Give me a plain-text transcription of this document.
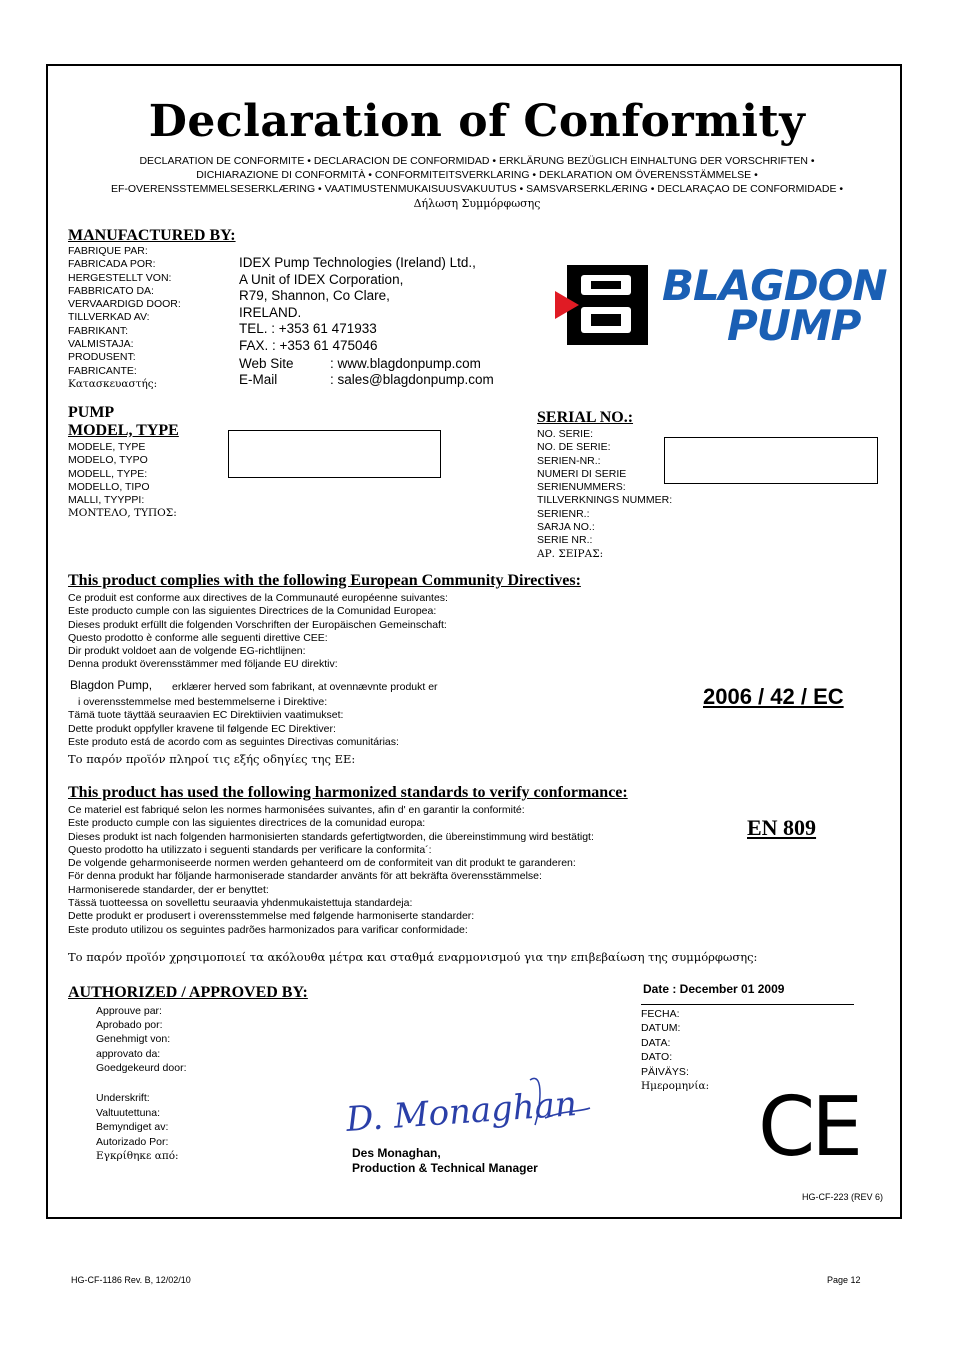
Declaration of Conformity
DECLARATION DE CONFORMITE • DECLARACION DE CONFORMIDAD • ERKLÄRUNG BEZÜGLICH EINHALTUNG DER VORSCHRIFTEN •
DICHIARAZIONE DI CONFORMITÀ • CONFORMITEITSVERKLARING • DEKLARATION OM ÖVERENSSTÄMMELSE •
EF-OVERENSSTEMMELSESERKLÆRING • VAATIMUSTENMUKAISUUSVAKUUTUS • SAMSVARSERKLÆRING • DECLARAÇAO DE CONFORMIDADE •
Δήλωση Συμμόρφωσης
MANUFACTURED BY:
FABRIQUE PAR:
FABRICADA POR:
HERGESTELLT VON:
FABBRICATO DA:
VERVAARDIGD DOOR:
TILLVERKAD AV:
FABRIKANT:
VALMISTAJA:
PRODUSENT:
FABRICANTE:
Κατασκευαστής:
IDEX Pump Technologies (Ireland) Ltd.,
A Unit of IDEX Corporation,
R79, Shannon, Co Clare,
IRELAND.
TEL. : +353 61 471933
FAX. : +353 61 475046
Web Site	: www.blagdonpump.com
E-Mail	: sales@blagdonpump.com
BLAGDON
PUMP
PUMP
MODEL, TYPE
MODELE, TYPE
MODELO, TYPO
MODELL, TYPE:
MODELLO, TIPO
MALLI, TYYPPI:
ΜΟΝΤΕΛΟ, ΤΥΠΟΣ:
SERIAL NO.:
NO. SERIE:
NO. DE SERIE:
SERIEN-NR.:
NUMERI DI SERIE
SERIENUMMERS:
TILLVERKNINGS NUMMER:
SERIENR.:
SARJA NO.:
SERIE NR.:
ΑΡ. ΣΕΙΡΑΣ:
This product complies with the following European Community Directives:
Ce produit est conforme aux directives de la Communauté européenne suivantes:
Este producto cumple con las siguientes Directrices de la Comunidad Europea:
Dieses produkt erfüllt die folgenden Vorschriften der Europäischen Gemeinschaft:
Questo prodotto è conforme alle seguenti direttive CEE:
Dir produkt voldoet aan de volgende EG-richtlijnen:
Denna produkt överensstämmer med följande EU direktiv:
Blagdon Pump, erklærer herved som fabrikant, at ovennævnte produkt er
i overensstemmelse med bestemmelserne i Direktive:
Tämä tuote täyttää seuraavien EC Direktiivien vaatimukset:
Dette produkt oppfyller kravene til følgende EC Direktiver:
Este produto está de acordo com as seguintes Directivas comunitárias:
Το παρόν προϊόν πληροί τις εξής οδηγίες της ΕΕ:
2006 / 42 / EC
This product has used the following harmonized standards to verify conformance:
Ce materiel est fabriqué selon les normes harmonisées suivantes, afin d' en garantir la conformité:
Este producto cumple con las siguientes directrices de la comunidad europa:
Dieses produkt ist nach folgenden harmonisierten standards gefertigtworden, die übereinstimmung wird bestätigt:
Questo prodotto ha utilizzato i seguenti standards per verificare la conformita´:
De volgende geharmoniseerde normen werden gehanteerd om de conformiteit van dit produkt te garanderen:
För denna produkt har följande harmoniserade standarder använts för att bekräfta överensstämmelse:
Harmoniserede standarder, der er benyttet:
Tässä tuotteessa on sovellettu seuraavia yhdenmukaistettuja standardeja:
Dette produkt er produsert i overensstemmelse med følgende harmoniserte standarder:
Este produto utilizou os seguintes padrões harmonizados para varificar conformidade:
Το παρόν προϊόν χρησιμοποιεί τα ακόλουθα μέτρα και σταθμά εναρμονισμού για την επιβεβαίωση της συμμόρφωσης:
EN 809
AUTHORIZED / APPROVED BY:
Approuve par:
Aprobado por:
Genehmigt von:
approvato da:
Goedgekeurd door:
Underskrift:
Valtuutettuna:
Bemyndiget av:
Autorizado Por:
Εγκρίθηκε από:
D. Monaghan
Des Monaghan,
Production & Technical Manager
Date : December 01 2009
FECHA:
DATUM:
DATA:
DATO:
PÄIVÄYS:
Ημερομηνία: CE
HG-CF-223 (REV 6)
HG-CF-1186 Rev. B, 12/02/10	Page 12
